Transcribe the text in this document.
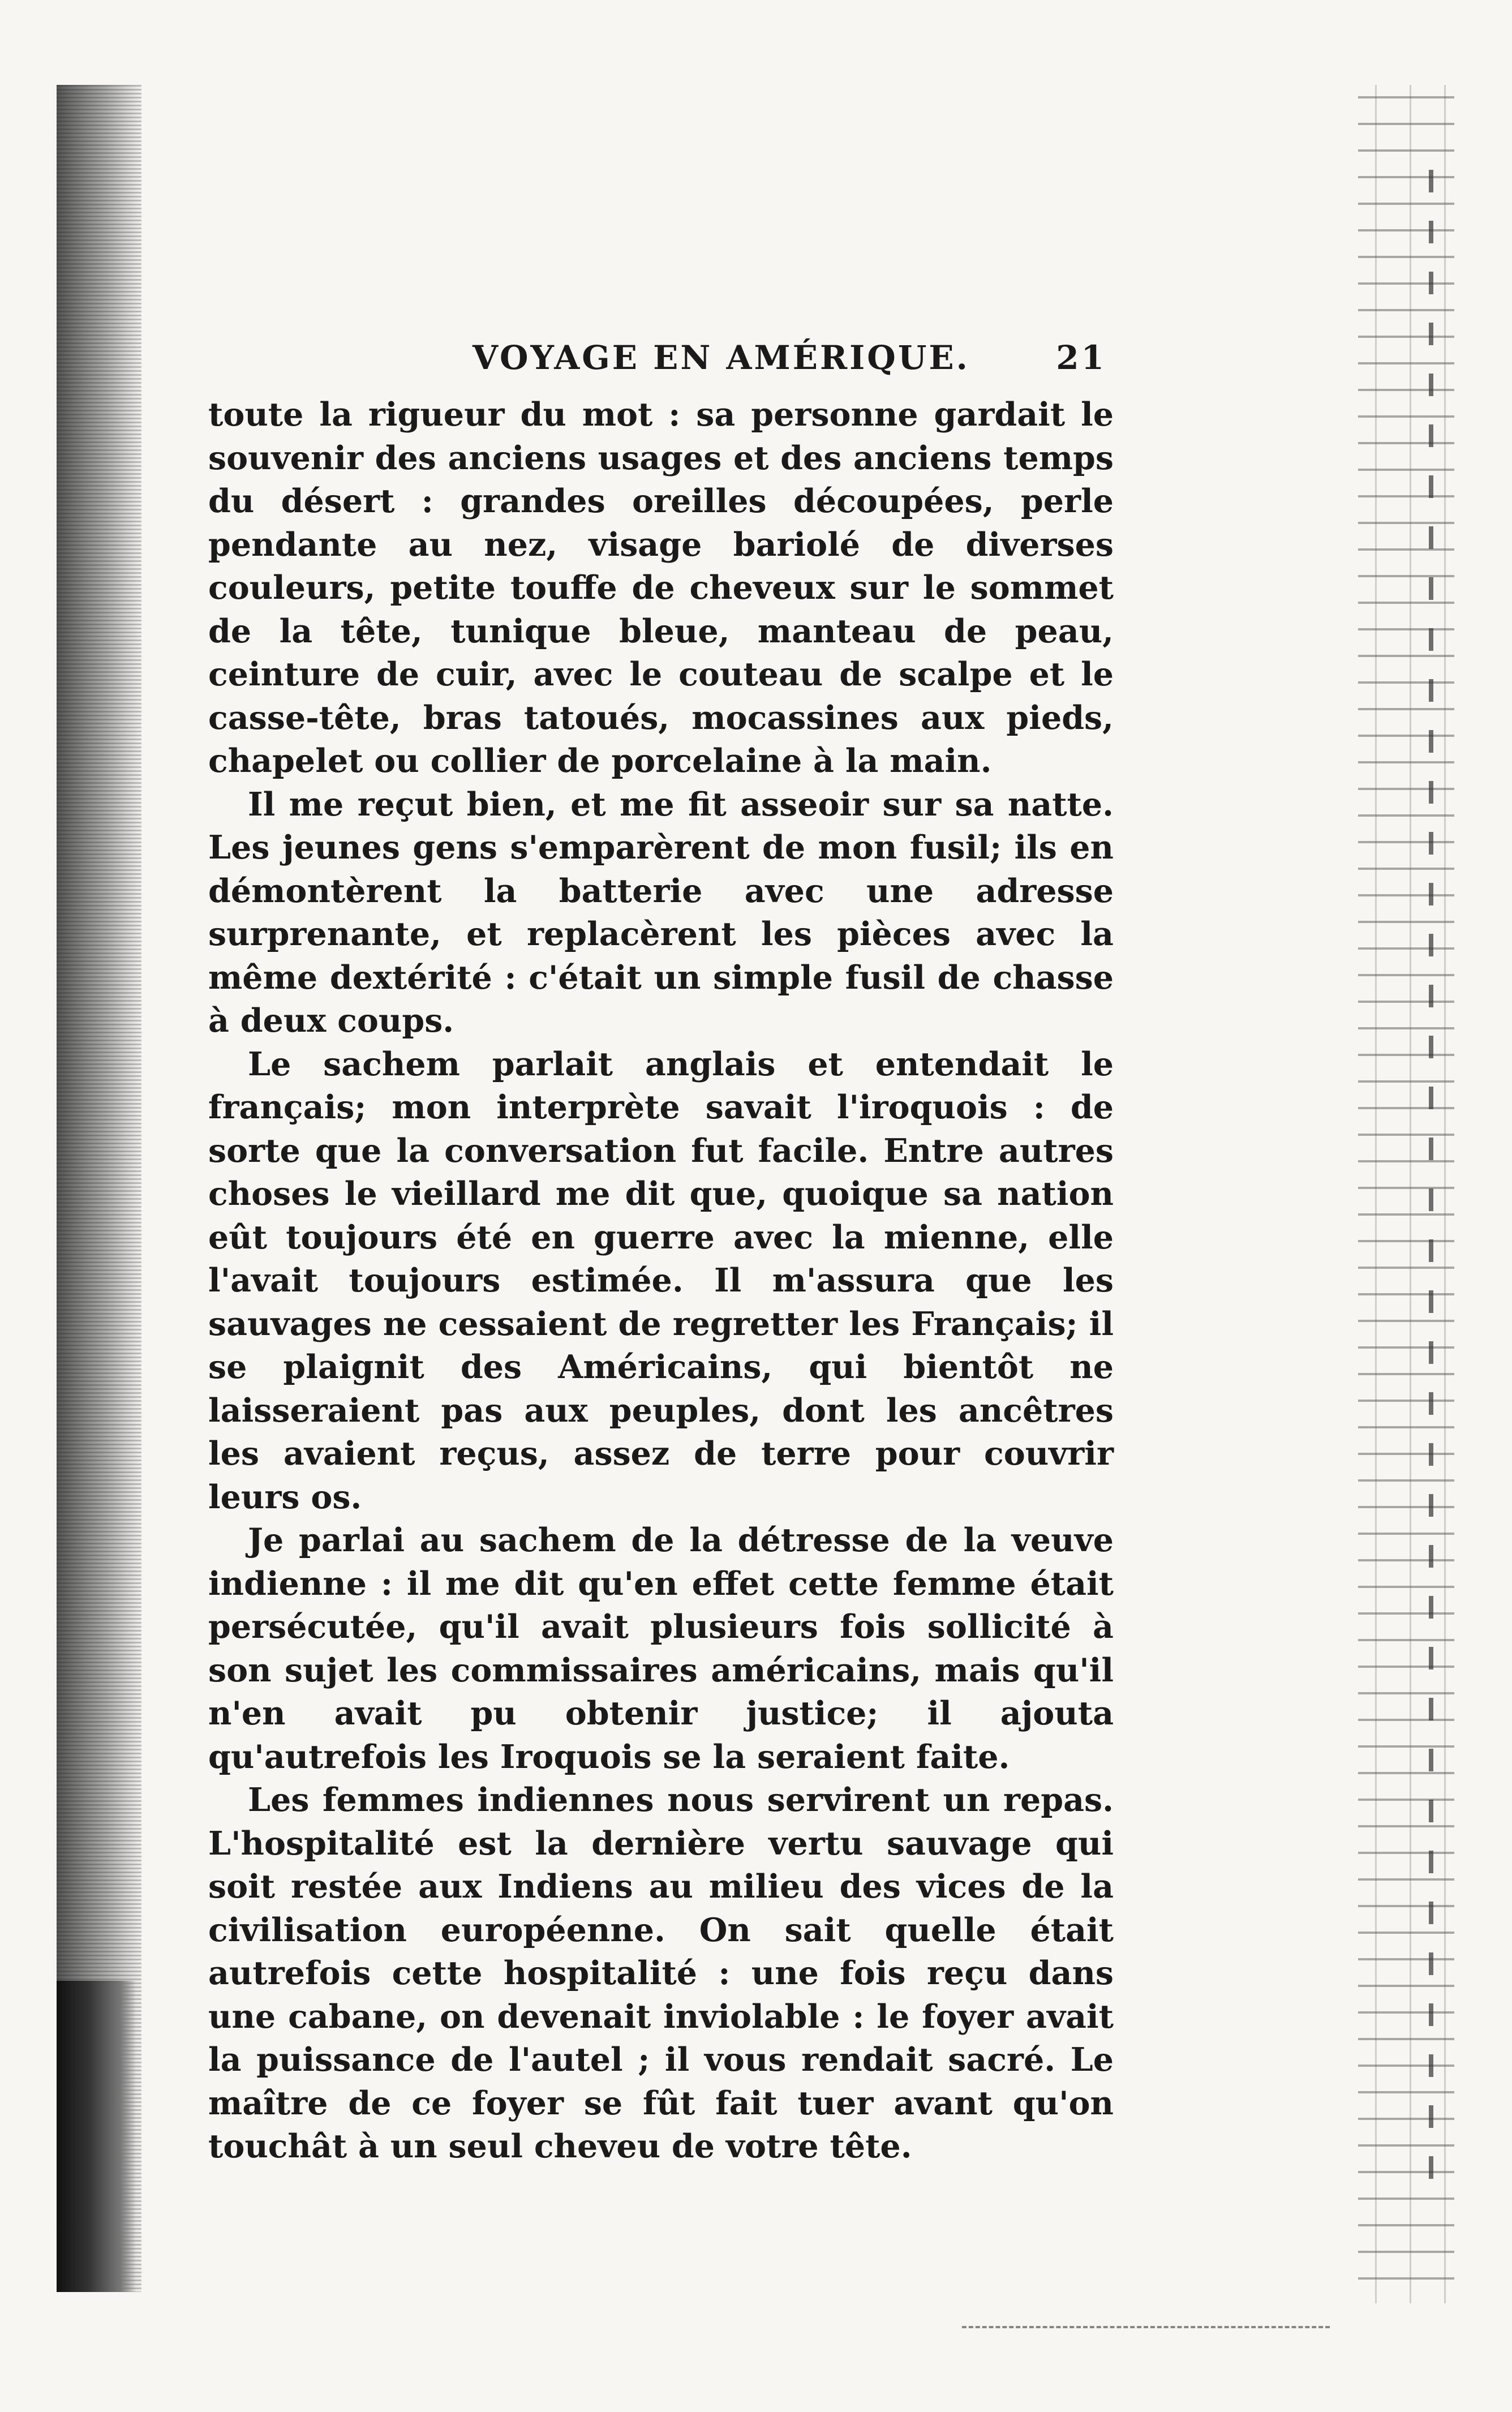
VOYAGE EN AMÉRIQUE.	21

toute la rigueur du mot : sa personne gardait le souvenir des anciens usages et des anciens temps du désert : grandes oreilles découpées, perle pendante au nez, visage bariolé de diverses couleurs, petite touffe de cheveux sur le sommet de la tête, tunique bleue, manteau de peau, ceinture de cuir, avec le couteau de scalpe et le casse-tête, bras tatoués, mocassines aux pieds, chapelet ou collier de porcelaine à la main.

Il me reçut bien, et me fit asseoir sur sa natte. Les jeunes gens s'emparèrent de mon fusil; ils en démontèrent la batterie avec une adresse surprenante, et replacèrent les pièces avec la même dextérité : c'était un simple fusil de chasse à deux coups.

Le sachem parlait anglais et entendait le français; mon interprète savait l'iroquois : de sorte que la conversation fut facile. Entre autres choses le vieillard me dit que, quoique sa nation eût toujours été en guerre avec la mienne, elle l'avait toujours estimée. Il m'assura que les sauvages ne cessaient de regretter les Français; il se plaignit des Américains, qui bientôt ne laisseraient pas aux peuples, dont les ancêtres les avaient reçus, assez de terre pour couvrir leurs os.

Je parlai au sachem de la détresse de la veuve indienne : il me dit qu'en effet cette femme était persécutée, qu'il avait plusieurs fois sollicité à son sujet les commissaires américains, mais qu'il n'en avait pu obtenir justice; il ajouta qu'autrefois les Iroquois se la seraient faite.

Les femmes indiennes nous servirent un repas. L'hospitalité est la dernière vertu sauvage qui soit restée aux Indiens au milieu des vices de la civilisation européenne. On sait quelle était autrefois cette hospitalité : une fois reçu dans une cabane, on devenait inviolable : le foyer avait la puissance de l'autel ; il vous rendait sacré. Le maître de ce foyer se fût fait tuer avant qu'on touchât à un seul cheveu de votre tête.
